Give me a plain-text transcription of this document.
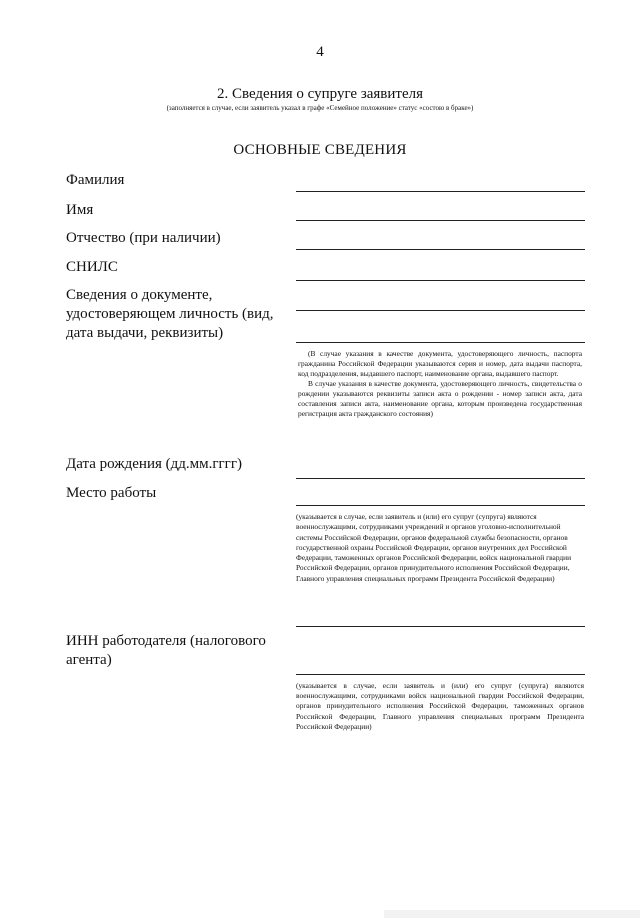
4
2. Сведения о супруге заявителя
(заполняется в случае, если заявитель указал в графе «Семейное положение» статус «состою в браке»)
ОСНОВНЫЕ СВЕДЕНИЯ
Фамилия
Имя
Отчество (при наличии)
СНИЛС
Сведения о документе, удостоверяющем личность (вид, дата выдачи, реквизиты)

(В случае указания в качестве документа, удостоверяющего личность, паспорта гражданина Российской Федерации указываются серия и номер, дата выдачи паспорта, код подразделения, выдавшего паспорт, наименование органа, выдавшего паспорт.

В случае указания в качестве документа, удостоверяющего личность, свидетельства о рождении указываются реквизиты записи акта о рождении - номер записи акта, дата составления записи акта, наименование органа, которым произведена государственная регистрация акта гражданского состояния)

Дата рождения (дд.мм.гггг)
Место работы
(указывается в случае, если заявитель и (или) его супруг (супруга) являются военнослужащими, сотрудниками учреждений и органов уголовно-исполнительной системы Российской Федерации, органов федеральной службы безопасности, органов государственной охраны Российской Федерации, органов внутренних дел Российской Федерации, таможенных органов Российской Федерации, войск национальной гвардии Российской Федерации, органов принудительного исполнения Российской Федерации, Главного управления специальных программ Президента Российской Федерации)
ИНН работодателя (налогового агента)
(указывается в случае, если заявитель и (или) его супруг (супруга) являются военнослужащими, сотрудниками войск национальной гвардии Российской Федерации, органов принудительного исполнения Российской Федерации, таможенных органов Российской Федерации, Главного управления специальных программ Президента Российской Федерации)
